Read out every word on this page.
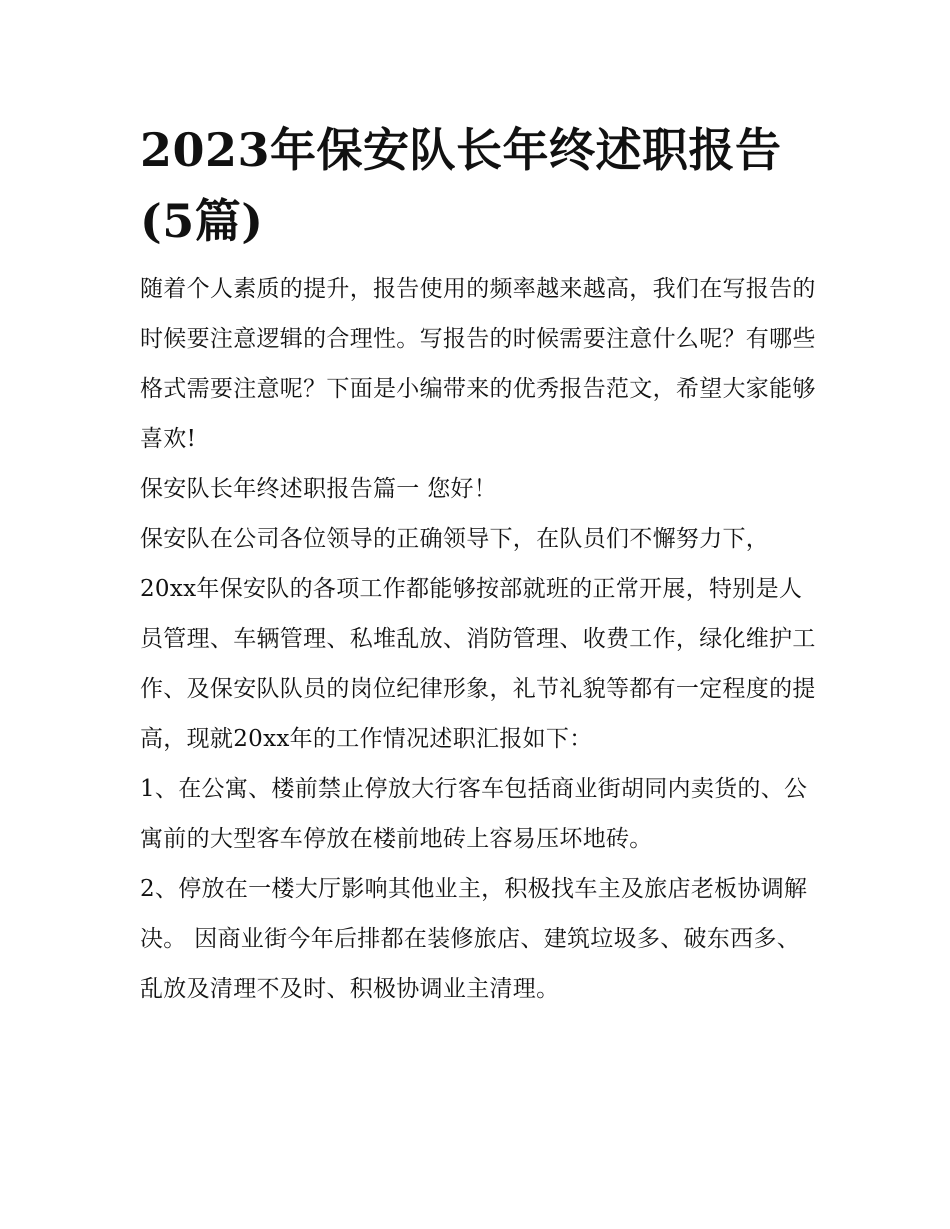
2023年保安队长年终述职报告(5篇)

随着个人素质的提升，报告使用的频率越来越高，我们在写报告的时候要注意逻辑的合理性。写报告的时候需要注意什么呢？有哪些格式需要注意呢？下面是小编带来的优秀报告范文，希望大家能够喜欢!

保安队长年终述职报告篇一 您好！

保安队在公司各位领导的正确领导下，在队员们不懈努力下，20xx年保安队的各项工作都能够按部就班的正常开展，特别是人员管理、车辆管理、私堆乱放、消防管理、收费工作，绿化维护工作、及保安队队员的岗位纪律形象，礼节礼貌等都有一定程度的提高，现就20xx年的工作情况述职汇报如下：

1、在公寓、楼前禁止停放大行客车包括商业街胡同内卖货的、公寓前的大型客车停放在楼前地砖上容易压坏地砖。

2、停放在一楼大厅影响其他业主，积极找车主及旅店老板协调解决。 因商业街今年后排都在装修旅店、建筑垃圾多、破东西多、乱放及清理不及时、积极协调业主清理。
